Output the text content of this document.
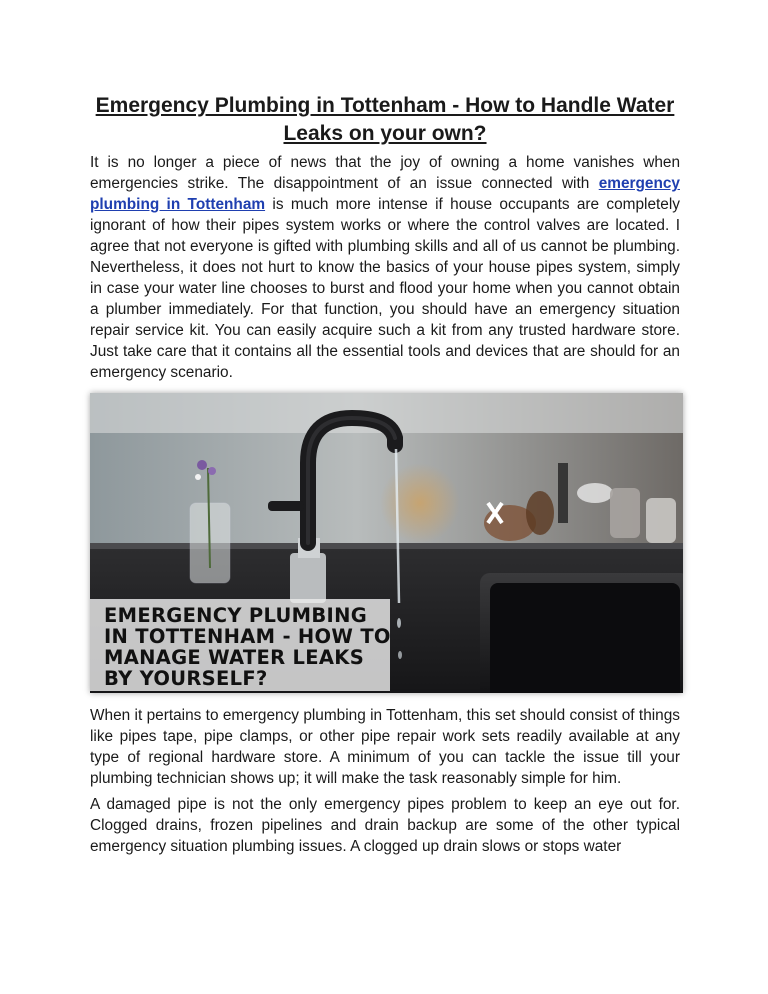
Emergency Plumbing in Tottenham - How to Handle Water Leaks on your own?

It is no longer a piece of news that the joy of owning a home vanishes when emergencies strike. The disappointment of an issue connected with emergency plumbing in Tottenham is much more intense if house occupants are completely ignorant of how their pipes system works or where the control valves are located. I agree that not everyone is gifted with plumbing skills and all of us cannot be plumbing. Nevertheless, it does not hurt to know the basics of your house pipes system, simply in case your water line chooses to burst and flood your home when you cannot obtain a plumber immediately. For that function, you should have an emergency situation repair service kit. You can easily acquire such a kit from any trusted hardware store. Just take care that it contains all the essential tools and devices that are should for an emergency scenario.

EMERGENCY PLUMBING
IN TOTTENHAM - HOW TO
MANAGE WATER LEAKS
BY YOURSELF?

When it pertains to emergency plumbing in Tottenham, this set should consist of things like pipes tape, pipe clamps, or other pipe repair work sets readily available at any type of regional hardware store. A minimum of you can tackle the issue till your plumbing technician shows up; it will make the task reasonably simple for him.

A damaged pipe is not the only emergency pipes problem to keep an eye out for. Clogged drains, frozen pipelines and drain backup are some of the other typical emergency situation plumbing issues. A clogged up drain slows or stops water
